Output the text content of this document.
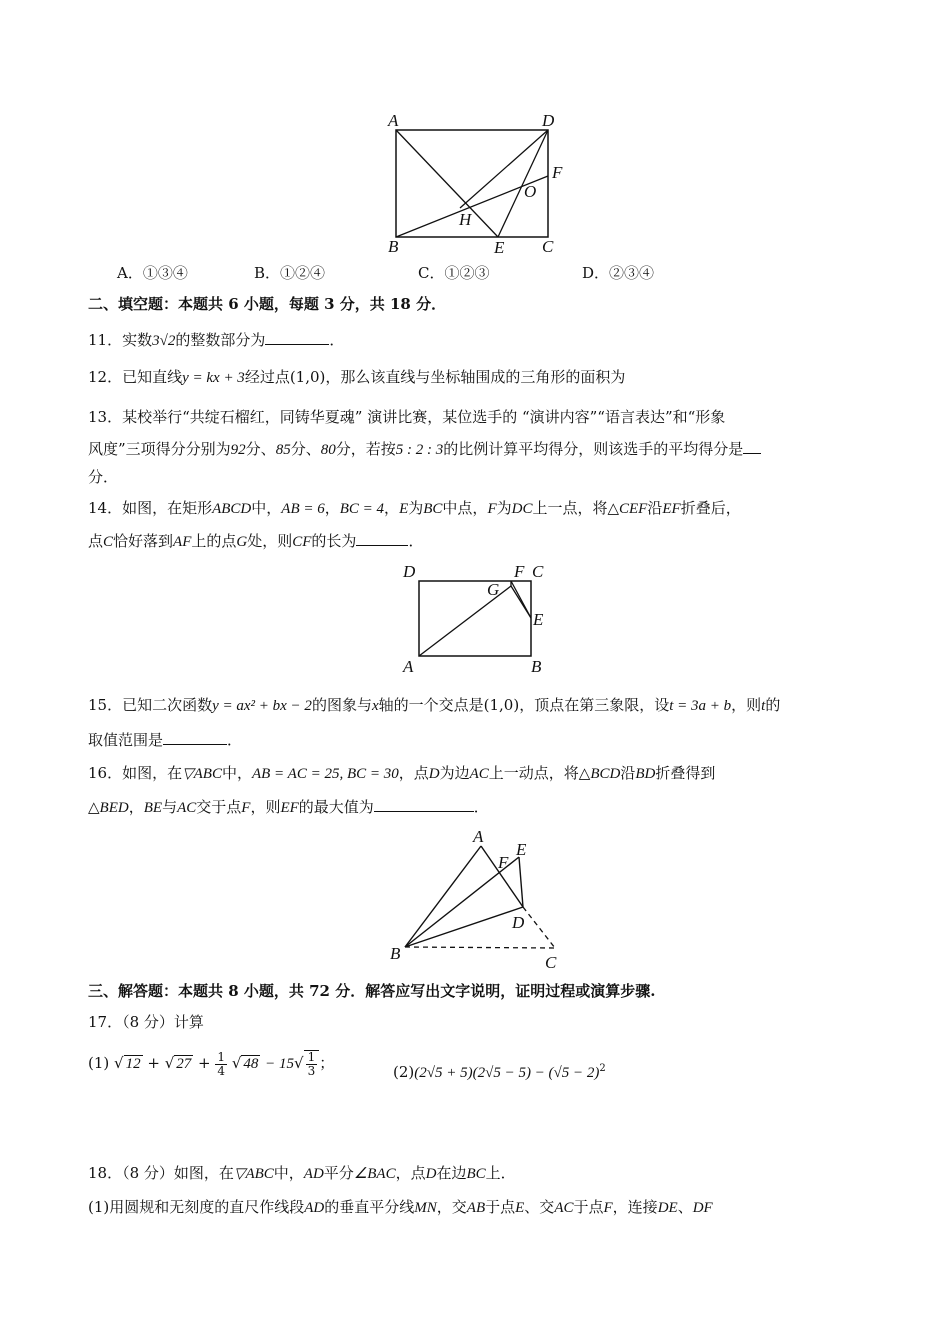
A	D
F
O
H
B	E C
A．①③④	B．①②④	C．①②③	D．②③④
二、填空题：本题共 6 小题，每题 3 分，共 18 分．
11．实数3√2的整数部分为	．
12．已知直线y = kx + 3经过点(1,0)，那么该直线与坐标轴围成的三角形的面积为
13．某校举行“共绽石榴红，同铸华夏魂” 演讲比赛，某位选手的 “演讲内容”“语言表达”和“形象
风度”三项得分分别为92分、85分、80分，若按5 : 2 : 3的比例计算平均得分，则该选手的平均得分是
分．
14．如图，在矩形ABCD中，AB = 6，BC = 4，E为BC中点，F为DC上一点，将△CEF沿EF折叠后，
点C恰好落到AF上的点G处，则CF的长为	．
D	F C
G
E
A	B
15．已知二次函数y = ax² + bx − 2的图象与x轴的一个交点是(1,0)，顶点在第三象限，设t = 3a + b，则t的
取值范围是	．
16．如图，在▽ABC中，AB = AC = 25, BC = 30，点D为边AC上一动点，将△BCD沿BD折叠得到
△BED，BE与AC交于点F，则EF的最大值为	．
A
F
E
D
B	C
三、解答题：本题共 8 小题，共 72 分．解答应写出文字说明，证明过程或演算步骤.
17．（8 分）计算
(1) √ 12 + √ $27 + \frac{1}{4}$ √ $48 - 15√ \frac{1}{3}$ ；	$(2)(2√5 + 5)(2√5 - 5) - (√5 - 2)^2$
18．（8 分）如图，在▽ABC中，AD平分∠BAC，点D在边BC上．
(1)用圆规和无刻度的直尺作线段AD的垂直平分线MN，交AB于点E、交AC于点F，连接DE、DF
